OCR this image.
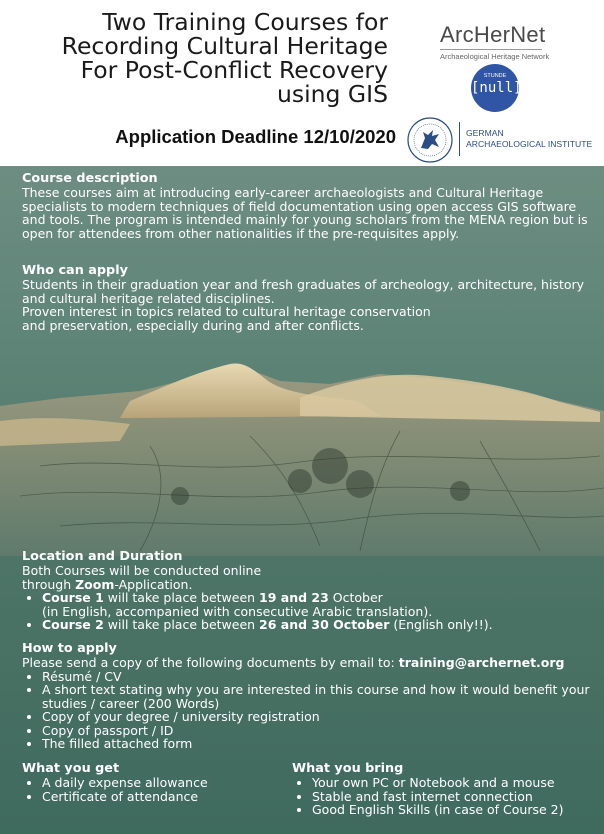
Two Training Courses for
Recording Cultural Heritage
For Post-Conflict Recovery
using GIS
Application Deadline 12/10/2020
ArcHerNet
Archaeological Heritage Network
STUNDE
[null]
GERMAN
ARCHAEOLOGICAL INSTITUTE
Course description

These courses aim at introducing early-career archaeologists and Cultural Heritage specialists to modern techniques of field documentation using open access GIS software and tools. The program is intended mainly for young scholars from the MENA region but is open for attendees from other nationalities if the pre-requisites apply.

Who can apply

Students in their graduation year and fresh graduates of archeology, architecture, history and cultural heritage related disciplines.

Proven interest in topics related to cultural heritage conservation

and preservation, especially during and after conflicts.

Location and Duration

Both Courses will be conducted online

through Zoom-Application.

• Course 1 will take place between 19 and 23 October
(in English, accompanied with consecutive Arabic translation).
• Course 2 will take place between 26 and 30 October (English only!!).
How to apply

Please send a copy of the following documents by email to: training@archernet.org

• Résumé / CV
• A short text stating why you are interested in this course and how it would benefit your studies / career (200 Words)
• Copy of your degree / university registration
• Copy of passport / ID
• The filled attached form
What you get
• A daily expense allowance
• Certificate of attendance
What you bring
• Your own PC or Notebook and a mouse
• Stable and fast internet connection
• Good English Skills (in case of Course 2)
